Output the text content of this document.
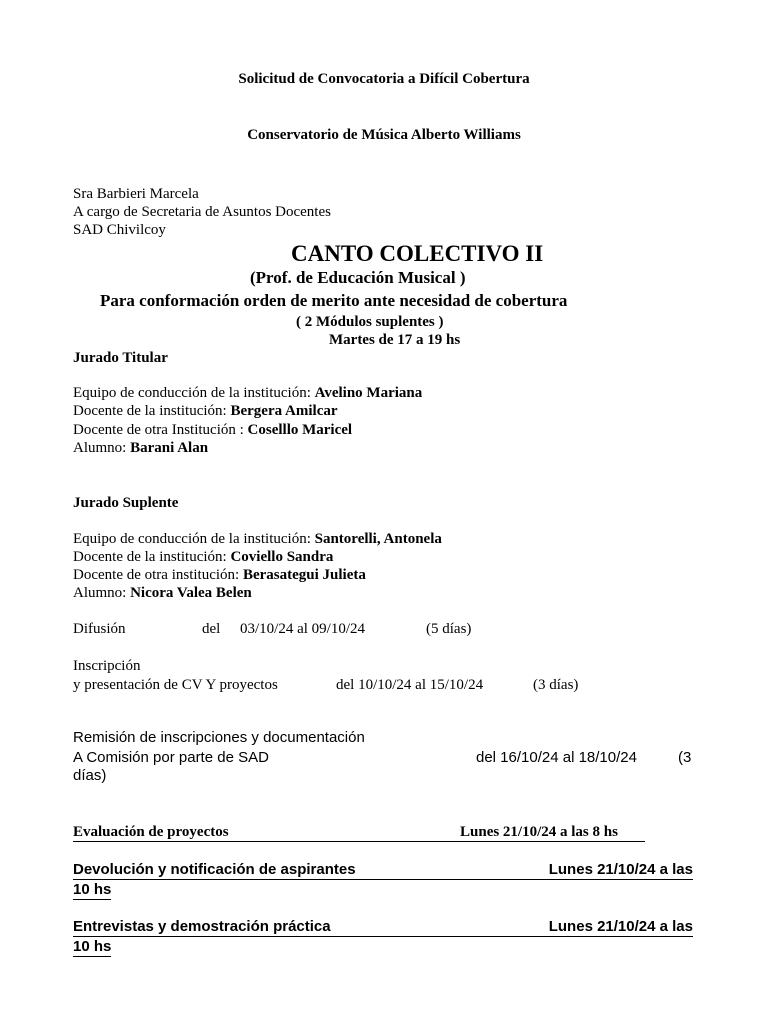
Solicitud de Convocatoria a Difícil Cobertura
Conservatorio de Música Alberto Williams
Sra Barbieri Marcela
A cargo de Secretaria de Asuntos Docentes
SAD Chivilcoy
CANTO COLECTIVO II
(Prof. de Educación Musical )
Para conformación orden de merito ante necesidad de cobertura
( 2 Módulos suplentes )
Martes de 17 a 19 hs
Jurado Titular
Equipo de conducción de la institución: Avelino Mariana
Docente de la institución: Bergera Amilcar
Docente de otra Institución : Coselllo Maricel
Alumno: Barani Alan
Jurado Suplente
Equipo de conducción de la institución: Santorelli, Antonela
Docente de la institución: Coviello Sandra
Docente de otra institución: Berasategui Julieta
Alumno: Nicora Valea Belen
Difusión	del 03/10/24 al 09/10/24	(5 días)
Inscripción
y presentación de CV Y proyectos	del 10/10/24 al 15/10/24	(3 días)
Remisión de inscripciones y documentación
A Comisión por parte de SAD	del 16/10/24 al 18/10/24	(3
días)
Evaluación de proyectos	Lunes 21/10/24 a las 8 hs
Devolución y notificación de aspirantes	Lunes 21/10/24 a las
10 hs
Entrevistas y demostración práctica	Lunes 21/10/24 a las
10 hs
